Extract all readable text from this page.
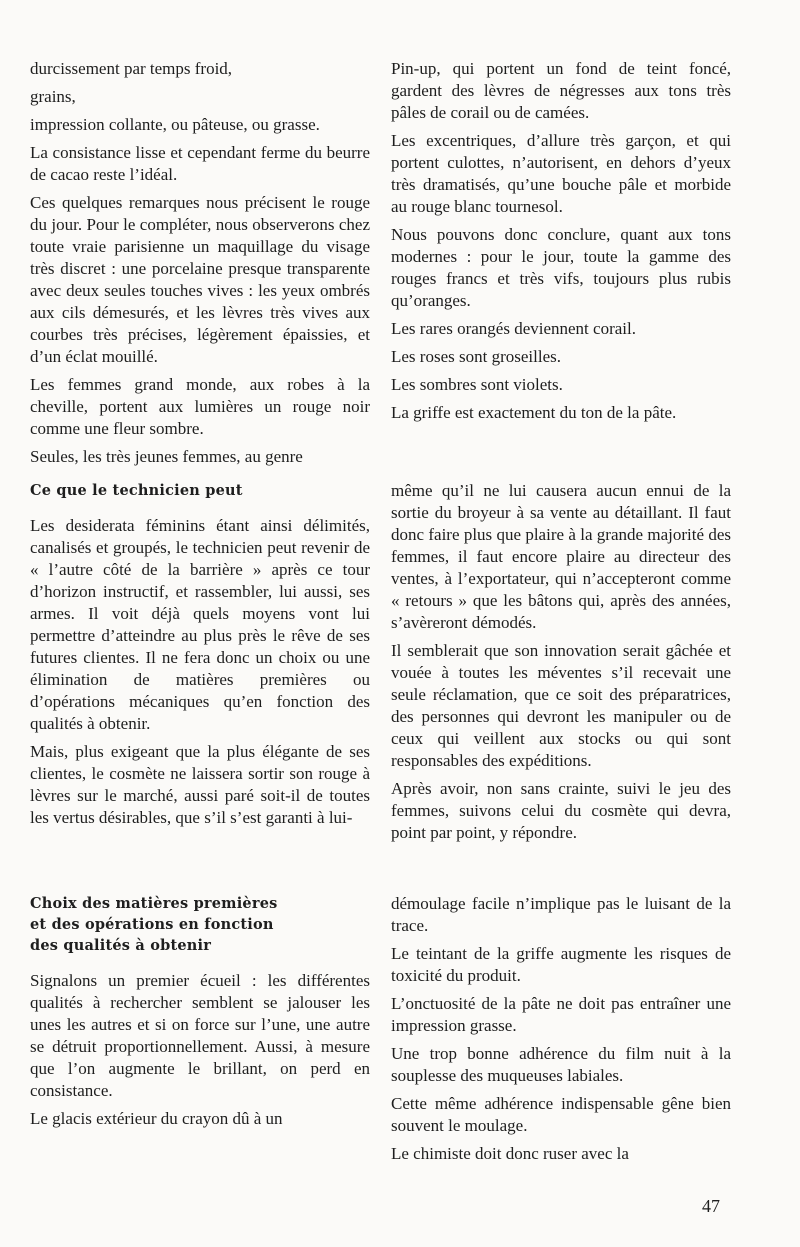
durcissement par temps froid,

grains,

impression collante, ou pâteuse, ou grasse.

La consistance lisse et cependant ferme du beurre de cacao reste l’idéal.

Ces quelques remarques nous précisent le rouge du jour. Pour le compléter, nous observerons chez toute vraie parisienne un maquillage du visage très discret : une porcelaine presque transparente avec deux seules touches vives : les yeux ombrés aux cils démesurés, et les lèvres très vives aux courbes très précises, légèrement épaissies, et d’un éclat mouillé.

Les femmes grand monde, aux robes à la cheville, portent aux lumières un rouge noir comme une fleur sombre.

Seules, les très jeunes femmes, au genre

Pin-up, qui portent un fond de teint foncé, gardent des lèvres de négresses aux tons très pâles de corail ou de camées.

Les excentriques, d’allure très garçon, et qui portent culottes, n’autorisent, en dehors d’yeux très dramatisés, qu’une bouche pâle et morbide au rouge blanc tournesol.

Nous pouvons donc conclure, quant aux tons modernes : pour le jour, toute la gamme des rouges francs et très vifs, toujours plus rubis qu’oranges.

Les rares orangés deviennent corail.

Les roses sont groseilles.

Les sombres sont violets.

La griffe est exactement du ton de la pâte.

Ce que le technicien peut

Les desiderata féminins étant ainsi délimités, canalisés et groupés, le technicien peut revenir de « l’autre côté de la barrière » après ce tour d’horizon instructif, et rassembler, lui aussi, ses armes. Il voit déjà quels moyens vont lui permettre d’atteindre au plus près le rêve de ses futures clientes. Il ne fera donc un choix ou une élimination de matières premières ou d’opérations mécaniques qu’en fonction des qualités à obtenir.

Mais, plus exigeant que la plus élégante de ses clientes, le cosmète ne laissera sortir son rouge à lèvres sur le marché, aussi paré soit-il de toutes les vertus désirables, que s’il s’est garanti à lui-

même qu’il ne lui causera aucun ennui de la sortie du broyeur à sa vente au détaillant. Il faut donc faire plus que plaire à la grande majorité des femmes, il faut encore plaire au directeur des ventes, à l’exportateur, qui n’accepteront comme « retours » que les bâtons qui, après des années, s’avèreront démodés.

Il semblerait que son innovation serait gâchée et vouée à toutes les méventes s’il recevait une seule réclamation, que ce soit des préparatrices, des personnes qui devront les manipuler ou de ceux qui veillent aux stocks ou qui sont responsables des expéditions.

Après avoir, non sans crainte, suivi le jeu des femmes, suivons celui du cosmète qui devra, point par point, y répondre.

Choix des matières premières
et des opérations en fonction
des qualités à obtenir

Signalons un premier écueil : les différentes qualités à rechercher semblent se jalouser les unes les autres et si on force sur l’une, une autre se détruit proportionnellement. Aussi, à mesure que l’on augmente le brillant, on perd en consistance.

Le glacis extérieur du crayon dû à un

démoulage facile n’implique pas le luisant de la trace.

Le teintant de la griffe augmente les risques de toxicité du produit.

L’onctuosité de la pâte ne doit pas entraîner une impression grasse.

Une trop bonne adhérence du film nuit à la souplesse des muqueuses labiales.

Cette même adhérence indispensable gêne bien souvent le moulage.

Le chimiste doit donc ruser avec la

47
